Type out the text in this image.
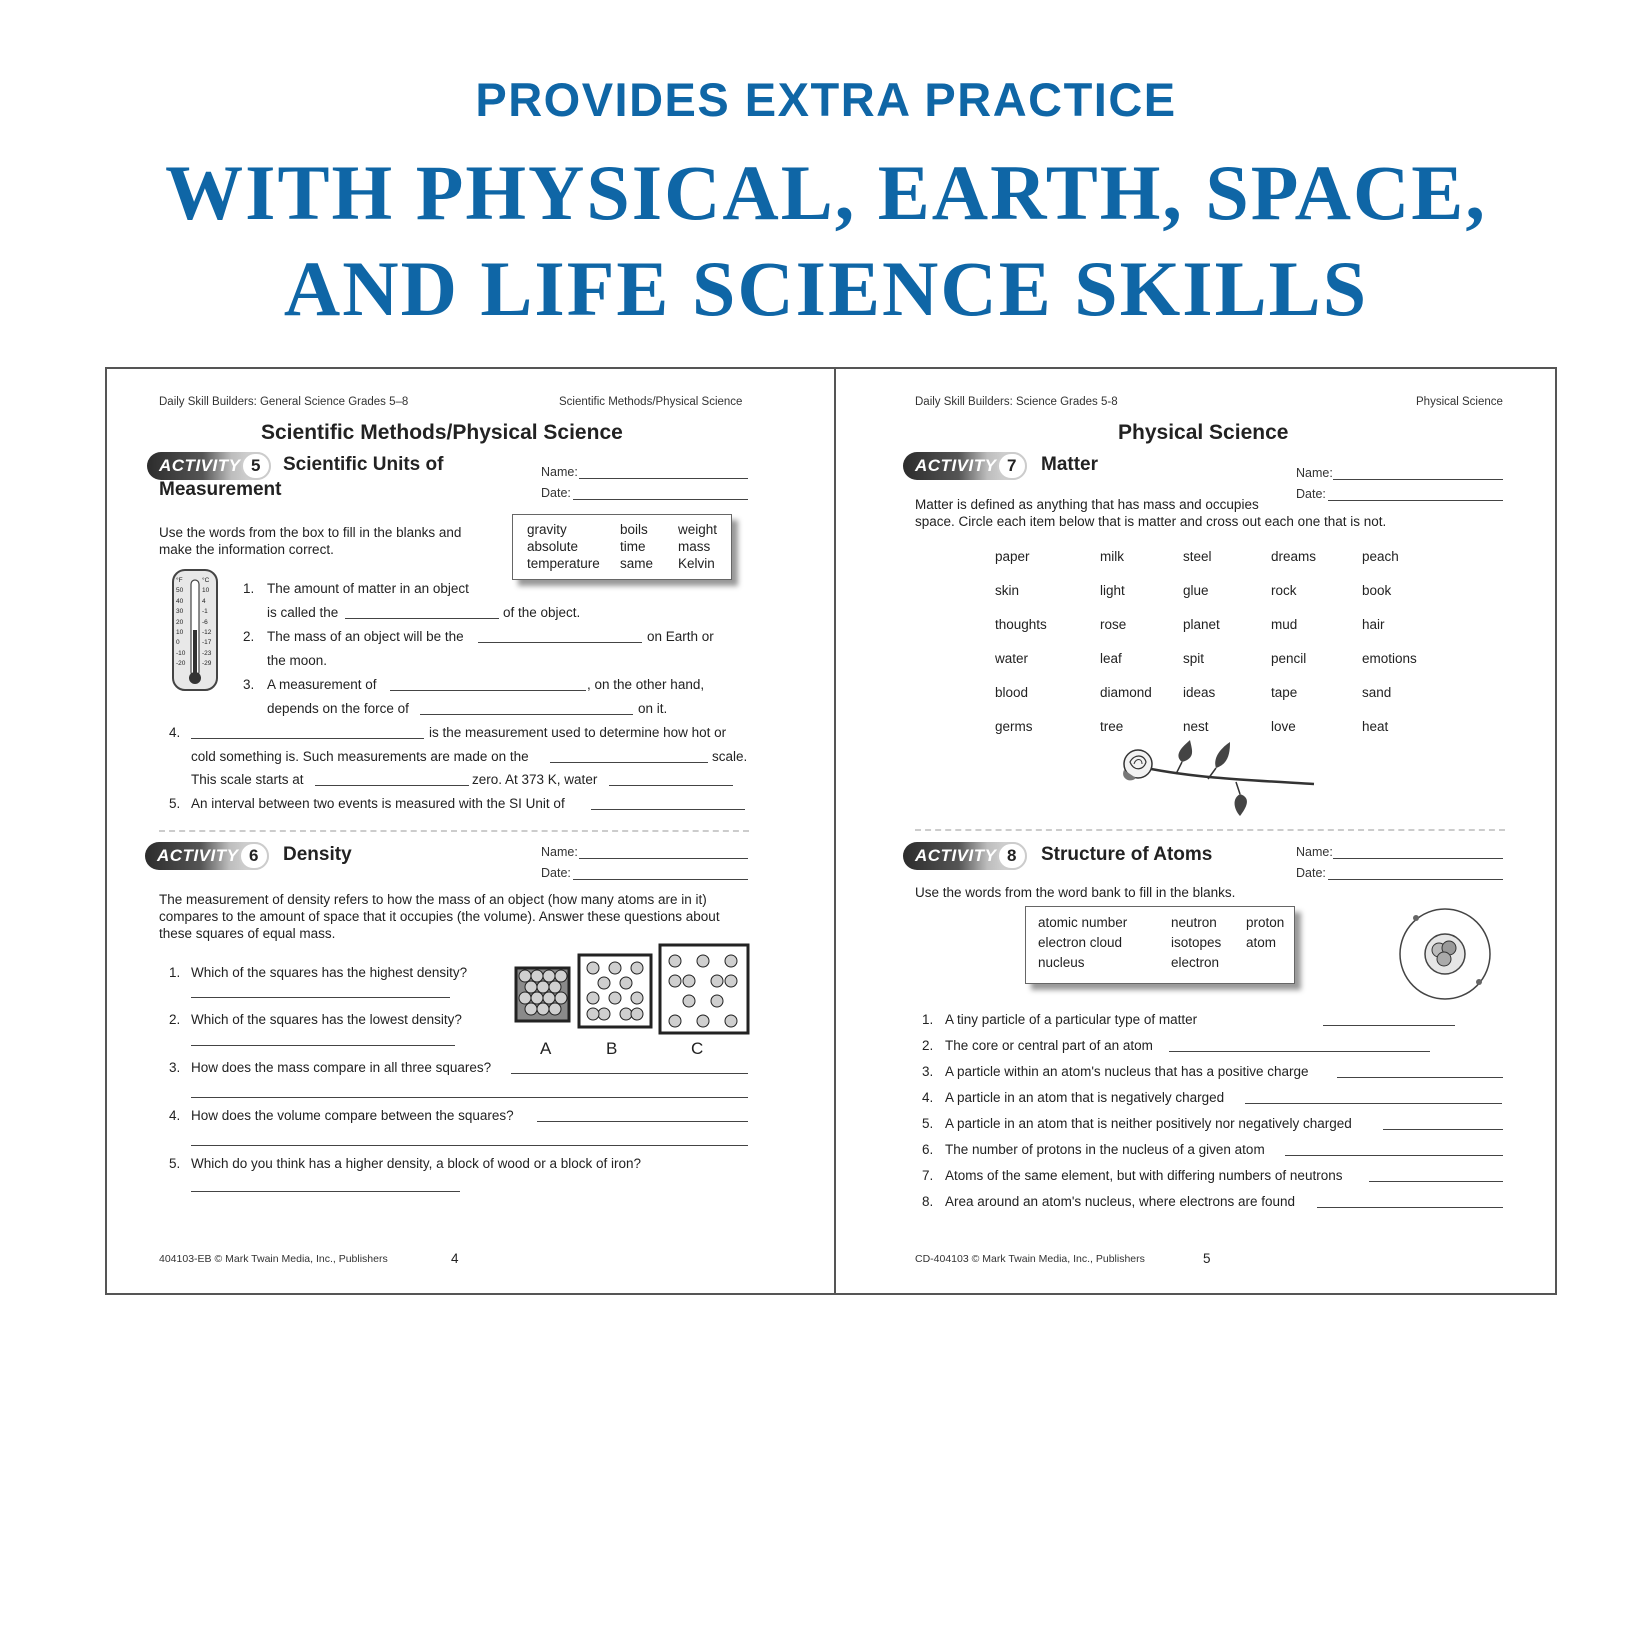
PROVIDES EXTRA PRACTICE
WITH PHYSICAL, EARTH, SPACE,
AND LIFE SCIENCE SKILLS
Daily Skill Builders: General Science Grades 5–8	Scientific Methods/Physical Science
Scientific Methods/Physical Science
ACTIVITY 5	Scientific Units of
Measurement
Name:
Date:
Use the words from the box to fill in the blanks and
make the information correct.
gravity	boils weight
absolute	time mass
temperature same Kelvin
°F
50
40
30
20
10
0
-10
-20
°C
10
4
-1
-6
-12
-17
-23
-29
1. The amount of matter in an object
is called the	of the object.
2. The mass of an object will be the	on Earth or
the moon.
3. A measurement of	, on the other hand,
depends on the force of	on it.
4.	is the measurement used to determine how hot or
cold something is. Such measurements are made on the	scale.
This scale starts at	zero. At 373 K, water
5. An interval between two events is measured with the SI Unit of
ACTIVITY 6	Density	Name:
Date:
The measurement of density refers to how the mass of an object (how many atoms are in it)
compares to the amount of space that it occupies (the volume). Answer these questions about
these squares of equal mass.
1. Which of the squares has the highest density?
2. Which of the squares has the lowest density?
3. How does the mass compare in all three squares?
4. How does the volume compare between the squares?
5. Which do you think has a higher density, a block of wood or a block of iron?
A	B	C
404103-EB © Mark Twain Media, Inc., Publishers	4
Daily Skill Builders: Science Grades 5-8	Physical Science
Physical Science
ACTIVITY 7	Matter	Name:
Date:
Matter is defined as anything that has mass and occupies
space. Circle each item below that is matter and cross out each one that is not.
paper	milk	steel	dreams	peach
skin	light	glue	rock	book
thoughts	rose	planet	mud	hair
water	leaf	spit	pencil	emotions
blood	diamond ideas	tape	sand
germs	tree	nest	love	heat
ACTIVITY 8	Structure of Atoms	Name:
Date:
Use the words from the word bank to fill in the blanks.
atomic number	neutron proton
electron cloud	isotopes atom
nucleus	electron
1. A tiny particle of a particular type of matter
2. The core or central part of an atom
3. A particle within an atom's nucleus that has a positive charge
4. A particle in an atom that is negatively charged
5. A particle in an atom that is neither positively nor negatively charged
6. The number of protons in the nucleus of a given atom
7. Atoms of the same element, but with differing numbers of neutrons
8. Area around an atom's nucleus, where electrons are found
CD-404103 © Mark Twain Media, Inc., Publishers	5
